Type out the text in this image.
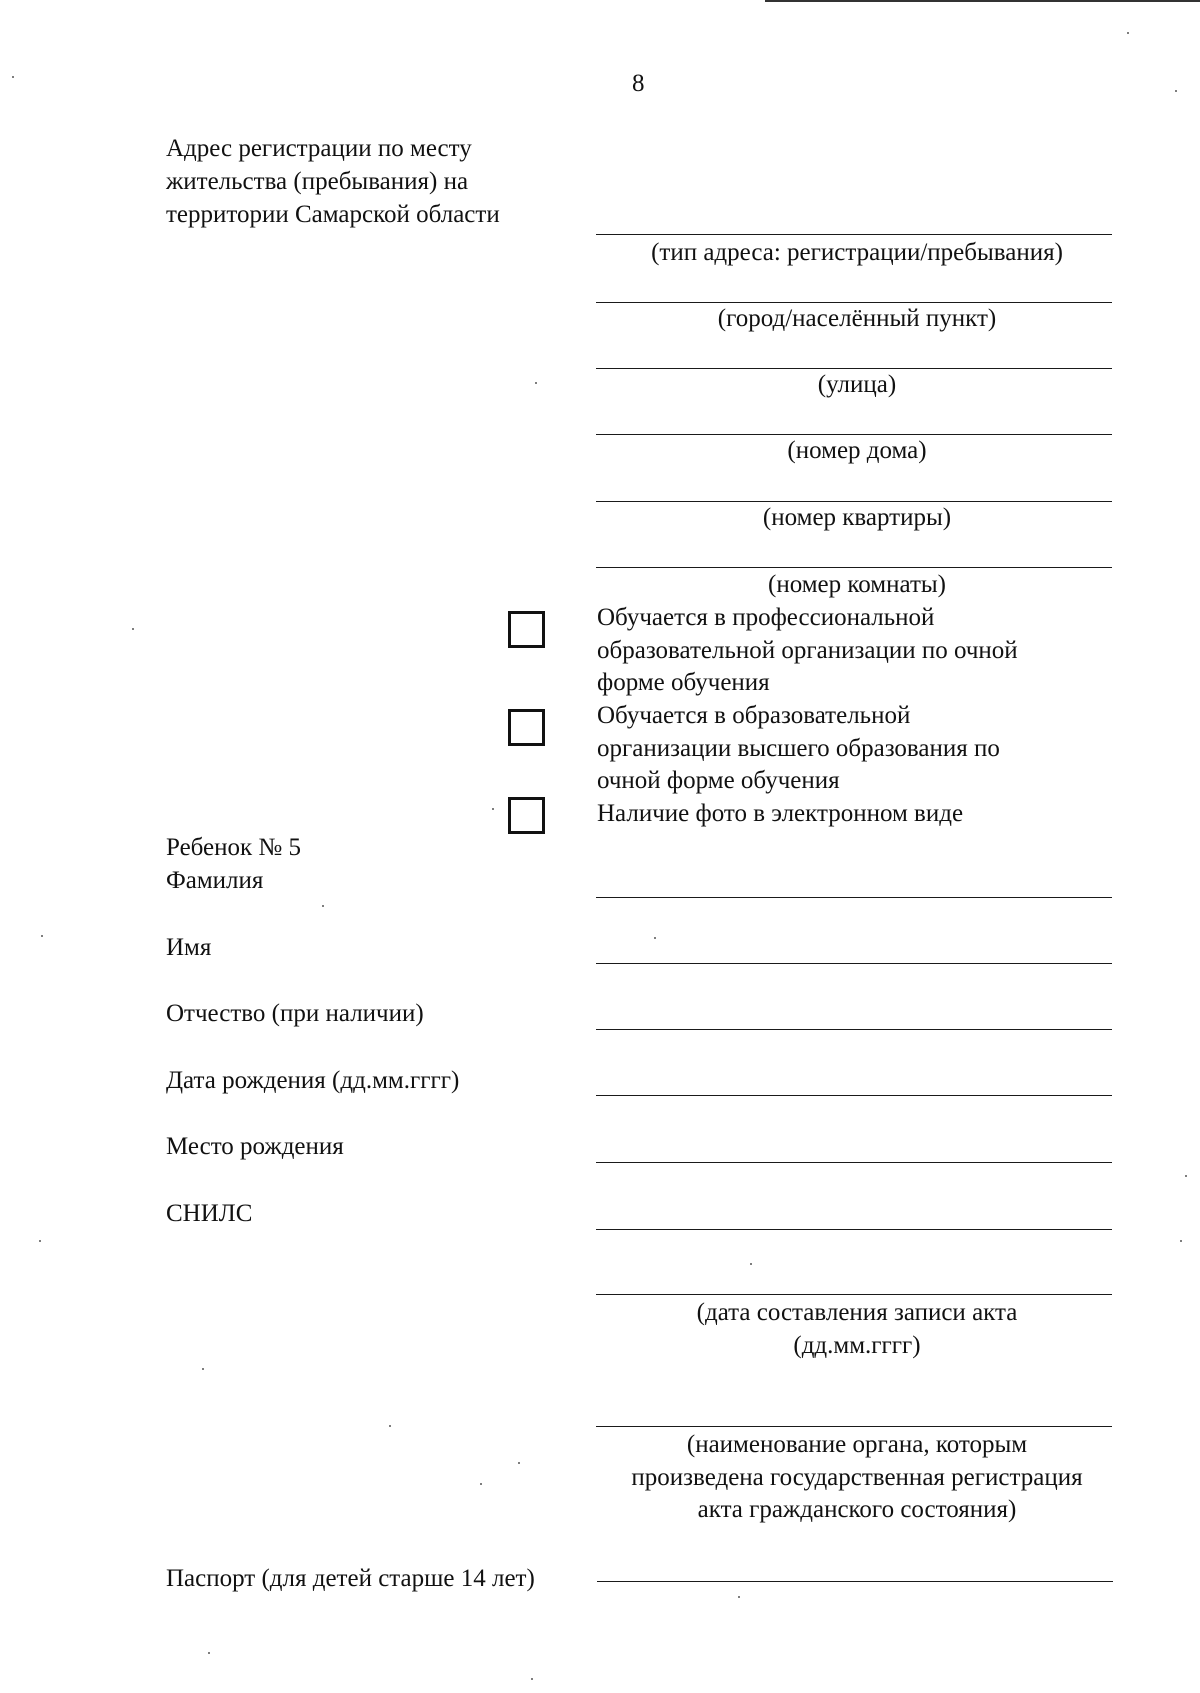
8
Адрес регистрации по месту
жительства (пребывания) на
территории Самарской области
(тип адреса: регистрации/пребывания)
(город/населённый пункт)
(улица)
(номер дома)
(номер квартиры)
(номер комнаты)
Обучается в профессиональной
образовательной организации по очной
форме обучения
Обучается в образовательной
организации высшего образования по
очной форме обучения
Наличие фото в электронном виде
Ребенок № 5
Фамилия
Имя
Отчество (при наличии)
Дата рождения (дд.мм.гггг)
Место рождения
СНИЛС
(дата составления записи акта
(дд.мм.гггг)
(наименование органа, которым
произведена государственная регистрация
акта гражданского состояния)
Паспорт (для детей старше 14 лет)
